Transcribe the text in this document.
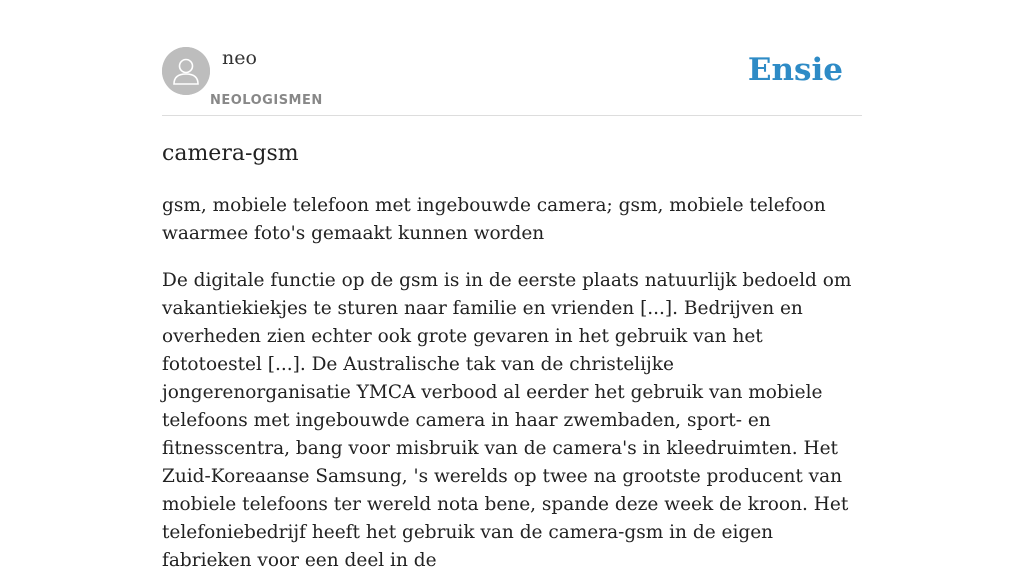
neo
NEOLOGISMEN
Ensie
camera-gsm

gsm, mobiele telefoon met ingebouwde camera; gsm, mobiele telefoon waarmee foto's gemaakt kunnen worden

De digitale functie op de gsm is in de eerste plaats natuurlijk bedoeld om vakantiekiekjes te sturen naar familie en vrienden [...]. Bedrijven en overheden zien echter ook grote gevaren in het gebruik van het fototoestel [...]. De Australische tak van de christelijke jongerenorganisatie YMCA verbood al eerder het gebruik van mobiele telefoons met ingebouwde camera in haar zwembaden, sport- en fitnesscentra, bang voor misbruik van de camera's in kleedruimten. Het Zuid-Koreaanse Samsung, 's werelds op twee na grootste producent van mobiele telefoons ter wereld nota bene, spande deze week de kroon. Het telefoniebedrijf heeft het gebruik van de camera-gsm in de eigen fabrieken voor een deel in de
